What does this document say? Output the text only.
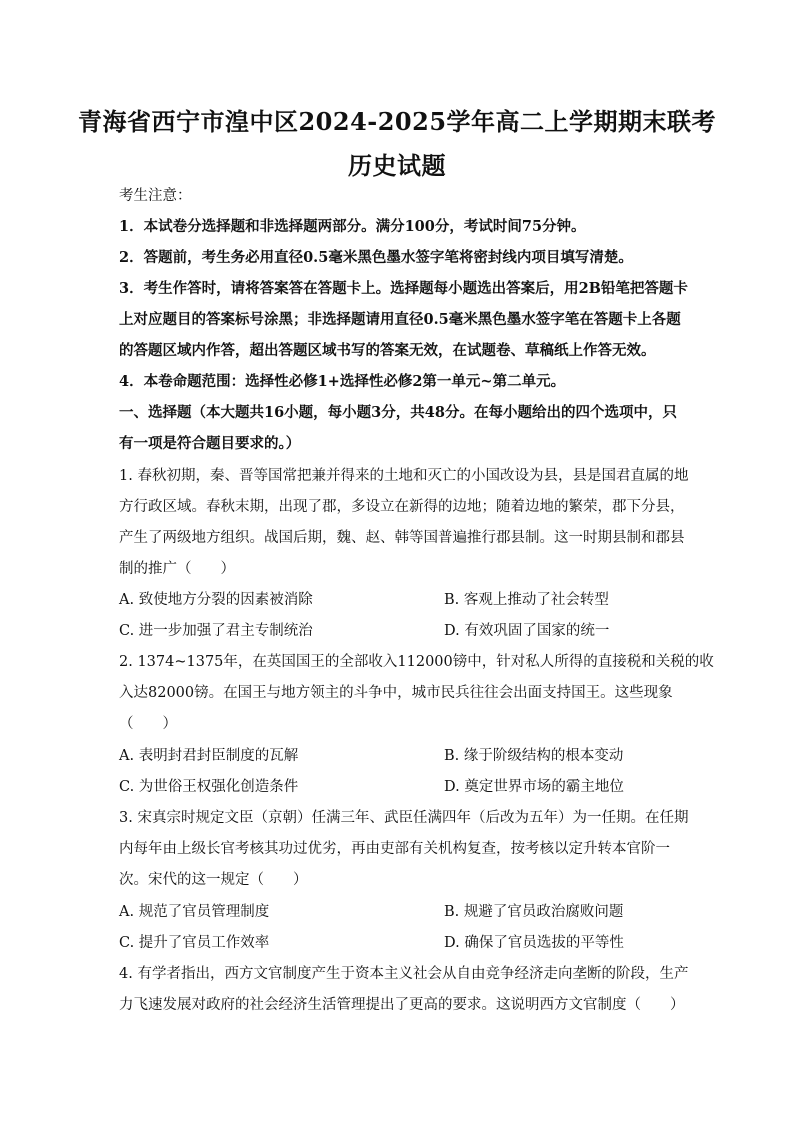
青海省西宁市湟中区2024-2025学年高二上学期期末联考
历史试题
考生注意：
1．本试卷分选择题和非选择题两部分。满分100分，考试时间75分钟。
2．答题前，考生务必用直径0.5毫米黑色墨水签字笔将密封线内项目填写清楚。
3．考生作答时，请将答案答在答题卡上。选择题每小题选出答案后，用2B铅笔把答题卡
上对应题目的答案标号涂黑；非选择题请用直径0.5毫米黑色墨水签字笔在答题卡上各题
的答题区域内作答，超出答题区域书写的答案无效，在试题卷、草稿纸上作答无效。
4．本卷命题范围：选择性必修1+选择性必修2第一单元~第二单元。
一、选择题（本大题共16小题，每小题3分，共48分。在每小题给出的四个选项中，只
有一项是符合题目要求的。）
1. 春秋初期，秦、晋等国常把兼并得来的土地和灭亡的小国改设为县，县是国君直属的地
方行政区域。春秋末期，出现了郡，多设立在新得的边地；随着边地的繁荣，郡下分县，
产生了两级地方组织。战国后期，魏、赵、韩等国普遍推行郡县制。这一时期县制和郡县
制的推广（　　）
A. 致使地方分裂的因素被消除	B. 客观上推动了社会转型
C. 进一步加强了君主专制统治	D. 有效巩固了国家的统一
2. 1374~1375年，在英国国王的全部收入112000镑中，针对私人所得的直接税和关税的收
入达82000镑。在国王与地方领主的斗争中，城市民兵往往会出面支持国王。这些现象
（　　）
A. 表明封君封臣制度的瓦解	B. 缘于阶级结构的根本变动
C. 为世俗王权强化创造条件	D. 奠定世界市场的霸主地位
3. 宋真宗时规定文臣（京朝）任满三年、武臣任满四年（后改为五年）为一任期。在任期
内每年由上级长官考核其功过优劣，再由吏部有关机构复查，按考核以定升转本官阶一
次。宋代的这一规定（　　）
A. 规范了官员管理制度	B. 规避了官员政治腐败问题
C. 提升了官员工作效率	D. 确保了官员选拔的平等性
4. 有学者指出，西方文官制度产生于资本主义社会从自由竞争经济走向垄断的阶段，生产
力飞速发展对政府的社会经济生活管理提出了更高的要求。这说明西方文官制度（　　）
